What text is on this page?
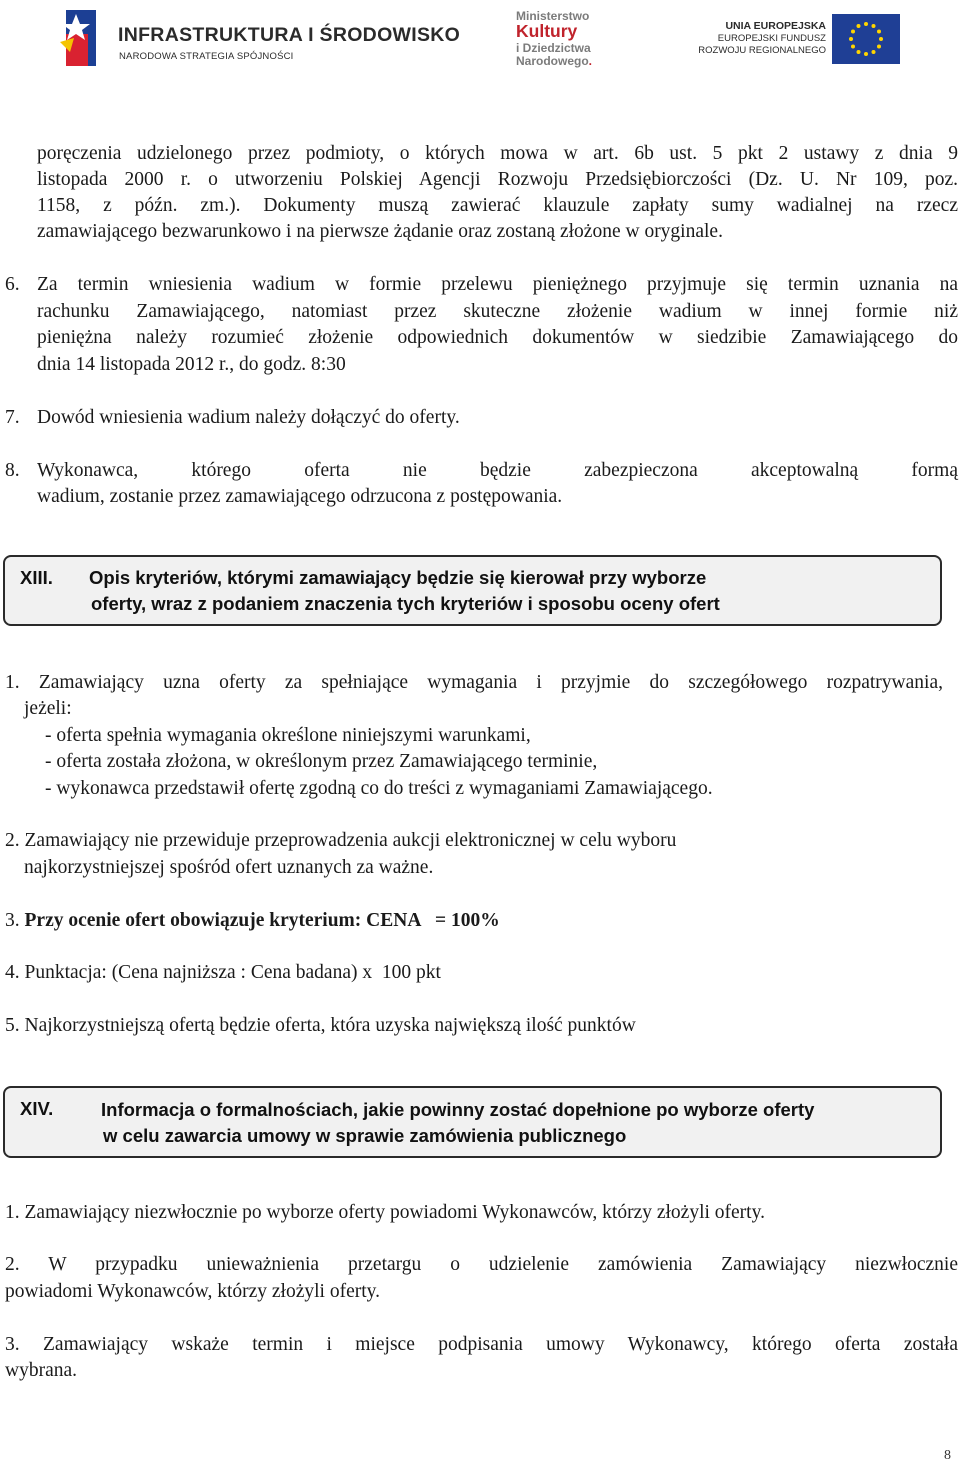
INFRASTRUKTURA I ŚRODOWISKO
NARODOWA STRATEGIA SPÓJNOŚCI
Ministerstwo
Kultury
i Dziedzictwa
Narodowego.
UNIA EUROPEJSKA
EUROPEJSKI FUNDUSZ
ROZWOJU REGIONALNEGO

poręczenia udzielonego przez podmioty, o których mowa w art. 6b ust. 5 pkt 2 ustawy z dnia 9

listopada 2000 r. o utworzeniu Polskiej Agencji Rozwoju Przedsiębiorczości (Dz. U. Nr 109, poz.

1158, z późn. zm.). Dokumenty muszą zawierać klauzule zapłaty sumy wadialnej na rzecz

zamawiającego bezwarunkowo i na pierwsze żądanie oraz zostaną złożone w oryginale.

6. Za termin wniesienia wadium w formie przelewu pieniężnego przyjmuje się termin uznania na

rachunku Zamawiającego, natomiast przez skuteczne złożenie wadium w innej formie niż

pieniężna należy rozumieć złożenie odpowiednich dokumentów w siedzibie Zamawiającego do

dnia 14 listopada 2012 r., do godz. 8:30

7. Dowód wniesienia wadium należy dołączyć do oferty.

8. Wykonawca, którego oferta nie będzie zabezpieczona akceptowalną formą

wadium, zostanie przez zamawiającego odrzucona z postępowania.

XIII. Opis kryteriów, którymi zamawiający będzie się kierował przy wyborze
oferty, wraz z podaniem znaczenia tych kryteriów i sposobu oceny ofert

1. Zamawiający uzna oferty za spełniające wymagania i przyjmie do szczegółowego rozpatrywania,

jeżeli:

- oferta spełnia wymagania określone niniejszymi warunkami,
- oferta została złożona, w określonym przez Zamawiającego terminie,
- wykonawca przedstawił ofertę zgodną co do treści z wymaganiami Zamawiającego.

2. Zamawiający nie przewiduje przeprowadzenia aukcji elektronicznej w celu wyboru

najkorzystniejszej spośród ofert uznanych za ważne.

3. Przy ocenie ofert obowiązuje kryterium: CENA   = 100%

4. Punktacja: (Cena najniższa : Cena badana) x  100 pkt

5. Najkorzystniejszą ofertą będzie oferta, która uzyska największą ilość punktów

XIV.	Informacja o formalnościach, jakie powinny zostać dopełnione po wyborze oferty
w celu zawarcia umowy w sprawie zamówienia publicznego

1. Zamawiający niezwłocznie po wyborze oferty powiadomi Wykonawców, którzy złożyli oferty.

2. W przypadku unieważnienia przetargu o udzielenie zamówienia Zamawiający niezwłocznie

powiadomi Wykonawców, którzy złożyli oferty.

3. Zamawiający wskaże termin i miejsce podpisania umowy Wykonawcy, którego oferta została

wybrana.

8
